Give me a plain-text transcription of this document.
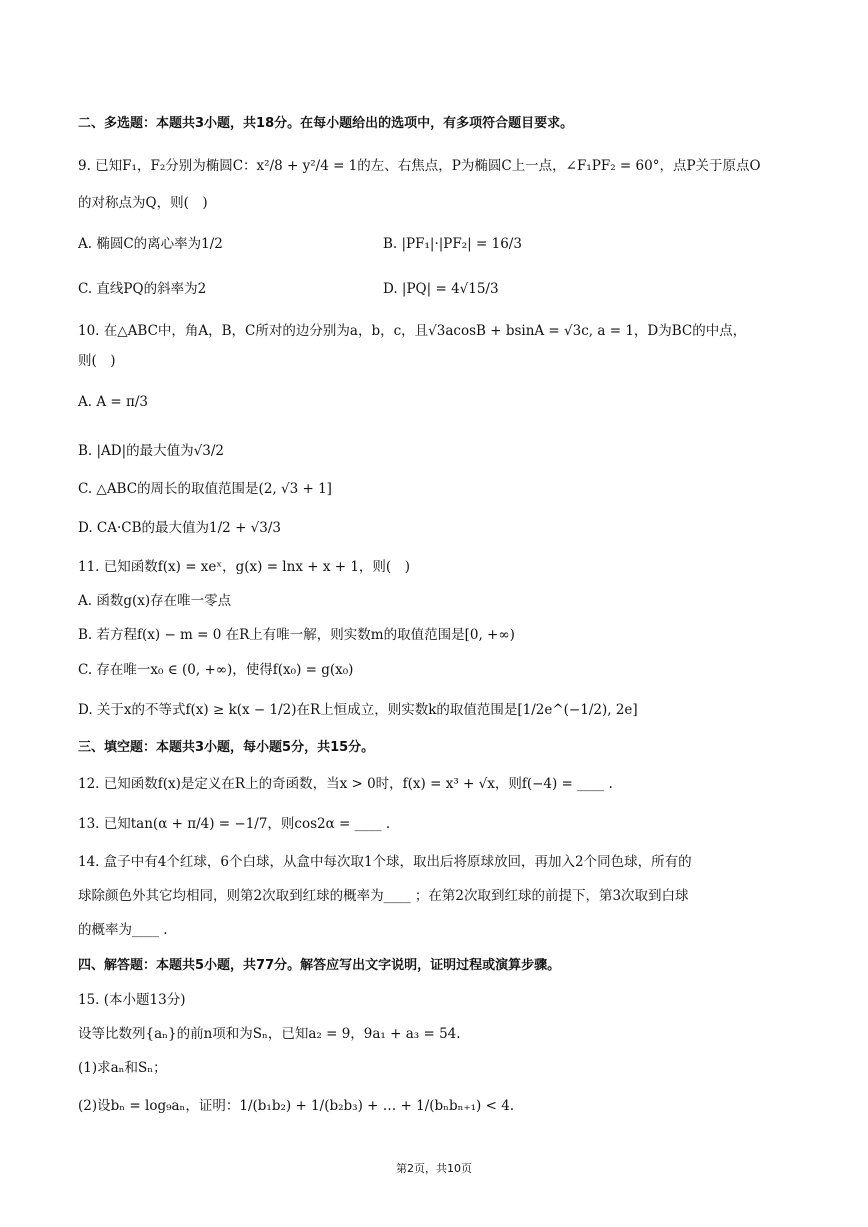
二、多选题：本题共3小题，共18分。在每小题给出的选项中，有多项符合题目要求。
9. 已知F₁，F₂分别为椭圆C：x²/8 + y²/4 = 1的左、右焦点，P为椭圆C上一点，∠F₁PF₂ = 60°，点P关于原点O
的对称点为Q，则(　)
A. 椭圆C的离心率为1/2	B. |PF₁|·|PF₂| = 16/3
C. 直线PQ的斜率为2	D. |PQ| = 4√15/3
10. 在△ABC中，角A，B，C所对的边分别为a，b，c，且√3acosB + bsinA = √3c, a = 1，D为BC的中点，
则(　)
A. A = π/3
B. |AD|的最大值为√3/2
C. △ABC的周长的取值范围是(2, √3 + 1]
D. CA·CB的最大值为1/2 + √3/3
11. 已知函数f(x) = xeˣ，g(x) = lnx + x + 1，则(　)
A. 函数g(x)存在唯一零点
B. 若方程f(x) − m = 0 在R上有唯一解，则实数m的取值范围是[0, +∞)
C. 存在唯一x₀ ∈ (0, +∞)，使得f(x₀) = g(x₀)
D. 关于x的不等式f(x) ≥ k(x − 1/2)在R上恒成立，则实数k的取值范围是[1/2e^(−1/2), 2e]
三、填空题：本题共3小题，每小题5分，共15分。
12. 已知函数f(x)是定义在R上的奇函数，当x > 0时，f(x) = x³ + √x，则f(−4) = ____ .
13. 已知tan(α + π/4) = −1/7，则cos2α = ____ .
14. 盒子中有4个红球，6个白球，从盒中每次取1个球，取出后将原球放回，再加入2个同色球，所有的
球除颜色外其它均相同，则第2次取到红球的概率为____ ；在第2次取到红球的前提下，第3次取到白球
的概率为____ .
四、解答题：本题共5小题，共77分。解答应写出文字说明，证明过程或演算步骤。
15. (本小题13分)
设等比数列{aₙ}的前n项和为Sₙ，已知a₂ = 9，9a₁ + a₃ = 54.
(1)求aₙ和Sₙ；
(2)设bₙ = log₉aₙ，证明：1/(b₁b₂) + 1/(b₂b₃) + … + 1/(bₙbₙ₊₁) < 4.
第2页，共10页
